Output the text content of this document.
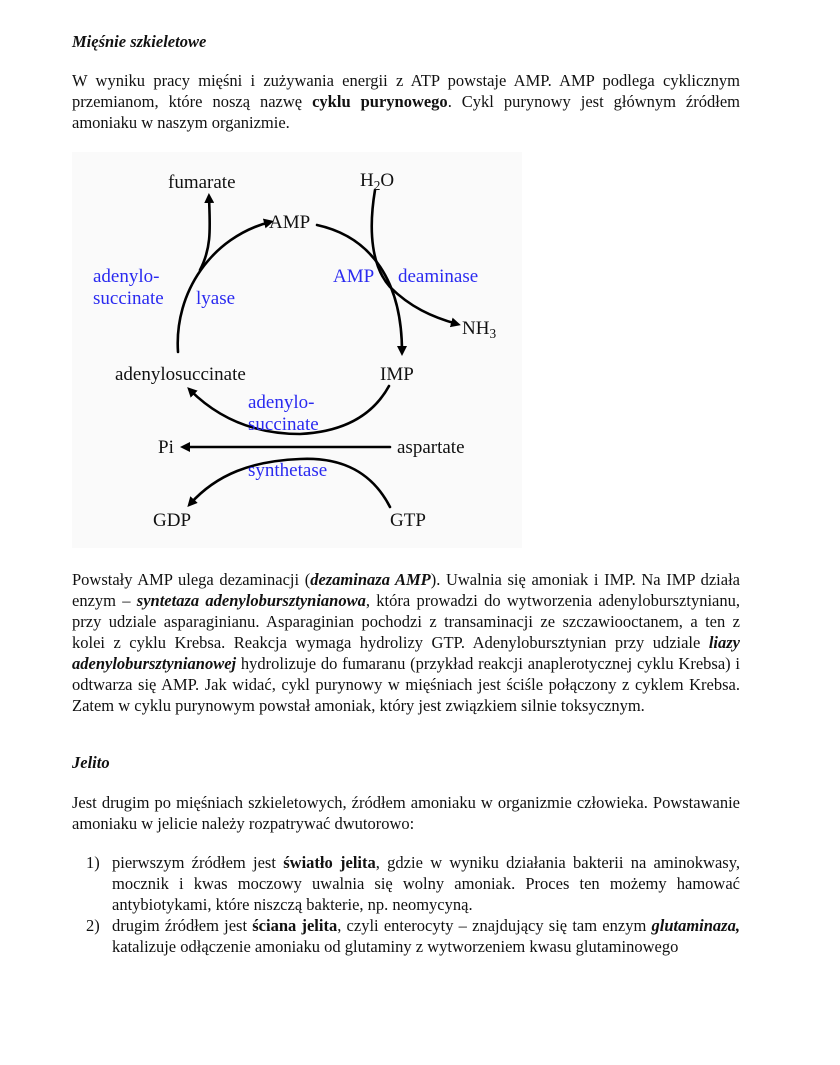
Mięśnie szkieletowe
W wyniku pracy mięśni i zużywania energii z ATP powstaje AMP. AMP podlega cyklicznym przemianom, które noszą nazwę cyklu purynowego. Cykl purynowy jest głównym źródłem amoniaku w naszym organizmie.
fumarate	$H_2O$
AMP
adenylo-
succinate lyase
AMP deaminase
$NH_3$
adenylosuccinate	IMP
adenylo-
succinate
Pi	aspartate
synthetase
GDP	GTP
Powstały AMP ulega dezaminacji (dezaminaza AMP). Uwalnia się amoniak i IMP. Na IMP działa enzym – syntetaza adenylobursztynianowa, która prowadzi do wytworzenia adenylobursztynianu, przy udziale asparaginianu. Asparaginian pochodzi z transaminacji ze szczawiooctanem, a ten z kolei z cyklu Krebsa. Reakcja wymaga hydrolizy GTP. Adenylobursztynian przy udziale liazy adenylobursztynianowej hydrolizuje do fumaranu (przykład reakcji anaplerotycznej cyklu Krebsa) i odtwarza się AMP. Jak widać, cykl purynowy w mięśniach jest ściśle połączony z cyklem Krebsa. Zatem w cyklu purynowym powstał amoniak, który jest związkiem silnie toksycznym.
Jelito
Jest drugim po mięśniach szkieletowych, źródłem amoniaku w organizmie człowieka. Powstawanie amoniaku w jelicie należy rozpatrywać dwutorowo:
1) pierwszym źródłem jest światło jelita, gdzie w wyniku działania bakterii na aminokwasy, mocznik i kwas moczowy uwalnia się wolny amoniak. Proces ten możemy hamować antybiotykami, które niszczą bakterie, np. neomycyną.
2) drugim źródłem jest ściana jelita, czyli enterocyty – znajdujący się tam enzym glutaminaza, katalizuje odłączenie amoniaku od glutaminy z wytworzeniem kwasu glutaminowego
